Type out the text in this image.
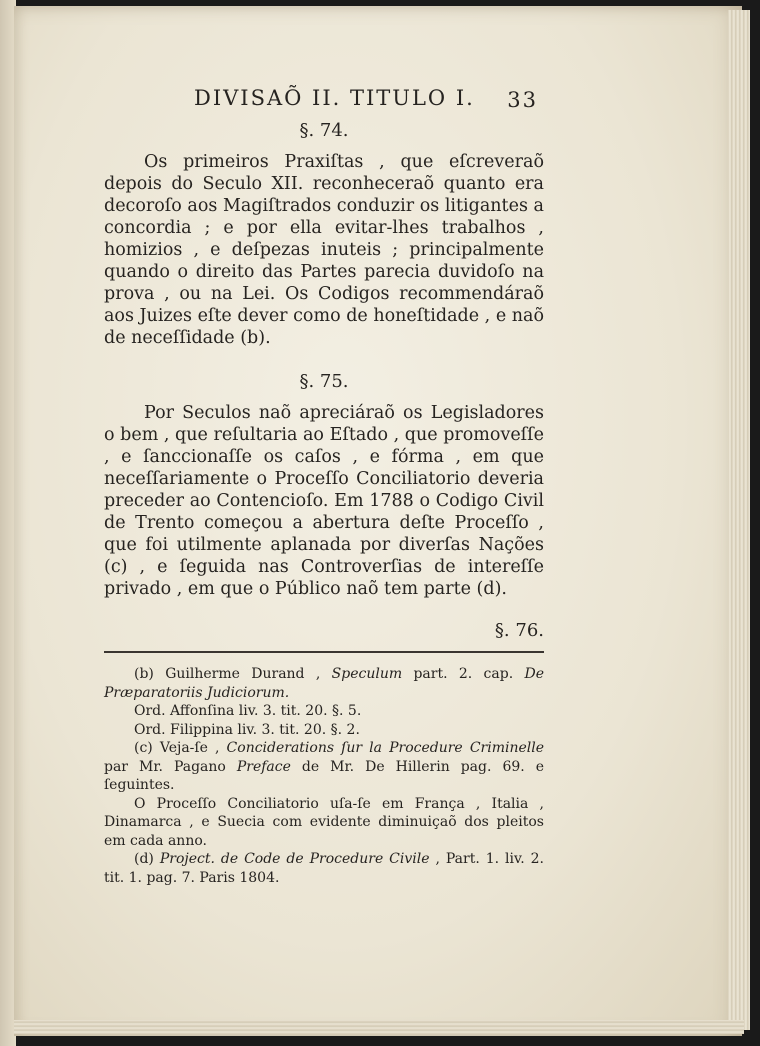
DIVISAÕ II. TITULO I. 33
§. 74.

Os primeiros Praxiſtas , que eſcreveraõ depois do Seculo XII. reconheceraõ quanto era decoroſo aos Magiſtrados conduzir os litigantes a concordia ; e por ella evitar-lhes trabalhos , homizios , e deſpezas inuteis ; principalmente quando o direito das Partes parecia duvidoſo na prova , ou na Lei. Os Codigos recommendáraõ aos Juizes eſte dever como de honeſtidade , e naõ de neceſſidade (b).

§. 75.

Por Seculos naõ apreciáraõ os Legisladores o bem , que reſultaria ao Eſtado , que promoveſſe , e ſanccionaſſe os caſos , e fórma , em que neceſſariamente o Proceſſo Conciliatorio deveria preceder ao Contencioſo. Em 1788 o Codigo Civil de Trento começou a abertura deſte Proceſſo , que foi utilmente aplanada por diverſas Nações (c) , e ſeguida nas Controverſias de intereſſe privado , em que o Público naõ tem parte (d).

§. 76.

(b) Guilherme Durand , Speculum part. 2. cap. De Præparatoriis Judiciorum.

Ord. Affonſina liv. 3. tit. 20. §. 5.

Ord. Filippina liv. 3. tit. 20. §. 2.

(c) Veja-ſe , Conciderations ſur la Procedure Criminelle par Mr. Pagano Preface de Mr. De Hillerin pag. 69. e ſeguintes.

O Proceſſo Conciliatorio uſa-ſe em França , Italia , Dinamarca , e Suecia com evidente diminuiçaõ dos pleitos em cada anno.

(d) Project. de Code de Procedure Civile , Part. 1. liv. 2. tit. 1. pag. 7. Paris 1804.
